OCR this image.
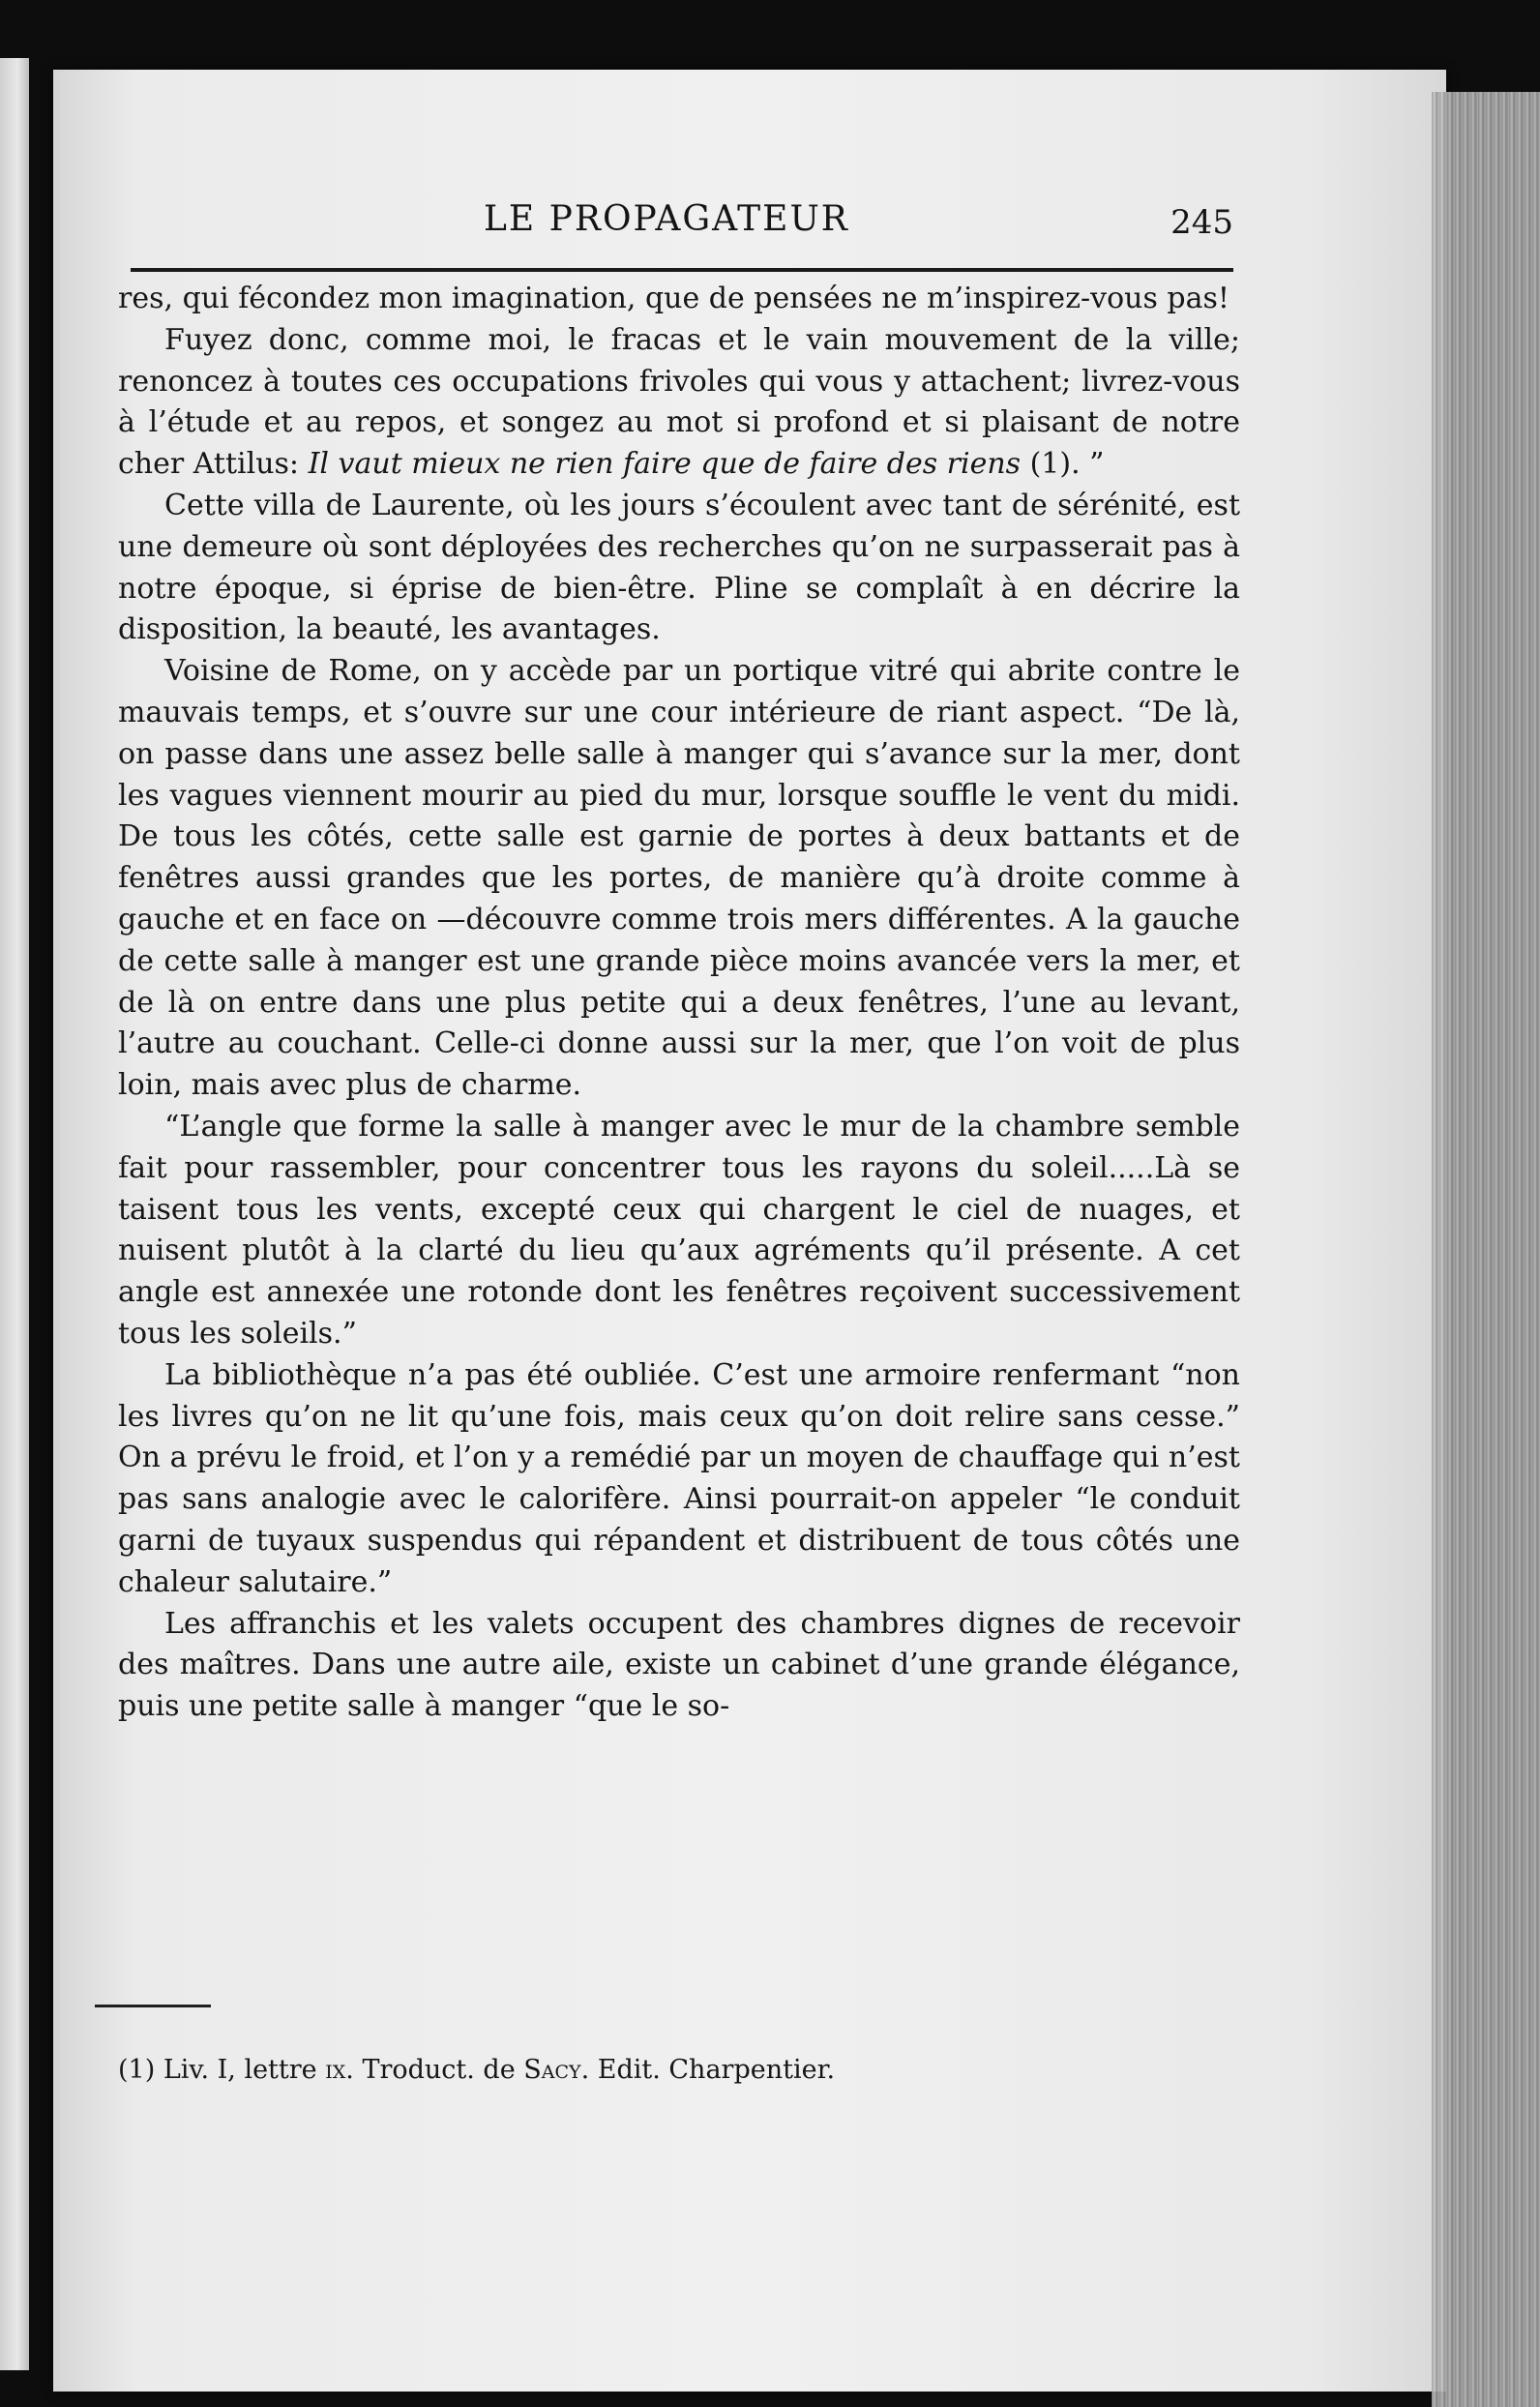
LE PROPAGATEUR	245

res, qui fécondez mon imagination, que de pensées ne m’inspirez-vous pas!

Fuyez donc, comme moi, le fracas et le vain mouvement de la ville; renoncez à toutes ces occupations frivoles qui vous y attachent; livrez-vous à l’étude et au repos, et songez au mot si profond et si plaisant de notre cher Attilus: Il vaut mieux ne rien faire que de faire des riens (1). ”

Cette villa de Laurente, où les jours s’écoulent avec tant de sérénité, est une demeure où sont déployées des recherches qu’on ne surpasserait pas à notre époque, si éprise de bien-être. Pline se complaît à en décrire la disposition, la beauté, les avantages.

Voisine de Rome, on y accède par un portique vitré qui abrite contre le mauvais temps, et s’ouvre sur une cour intérieure de riant aspect. “De là, on passe dans une assez belle salle à manger qui s’avance sur la mer, dont les vagues viennent mourir au pied du mur, lorsque souffle le vent du midi. De tous les côtés, cette salle est garnie de portes à deux battants et de fenêtres aussi grandes que les portes, de manière qu’à droite comme à gauche et en face on —découvre comme trois mers différentes. A la gauche de cette salle à manger est une grande pièce moins avancée vers la mer, et de là on entre dans une plus petite qui a deux fenêtres, l’une au levant, l’autre au couchant. Celle-ci donne aussi sur la mer, que l’on voit de plus loin, mais avec plus de charme.

“L’angle que forme la salle à manger avec le mur de la chambre semble fait pour rassembler, pour concentrer tous les rayons du soleil.....Là se taisent tous les vents, excepté ceux qui chargent le ciel de nuages, et nuisent plutôt à la clarté du lieu qu’aux agréments qu’il présente. A cet angle est annexée une rotonde dont les fenêtres reçoivent successivement tous les soleils.”

La bibliothèque n’a pas été oubliée. C’est une armoire renfermant “non les livres qu’on ne lit qu’une fois, mais ceux qu’on doit relire sans cesse.” On a prévu le froid, et l’on y a remédié par un moyen de chauffage qui n’est pas sans analogie avec le calorifère. Ainsi pourrait-on appeler “le conduit garni de tuyaux suspendus qui répandent et distribuent de tous côtés une chaleur salutaire.”

Les affranchis et les valets occupent des chambres dignes de recevoir des maîtres. Dans une autre aile, existe un cabinet d’une grande élégance, puis une petite salle à manger “que le so-

(1) Liv. I, lettre ix. Troduct. de Sacy. Edit. Charpentier.
